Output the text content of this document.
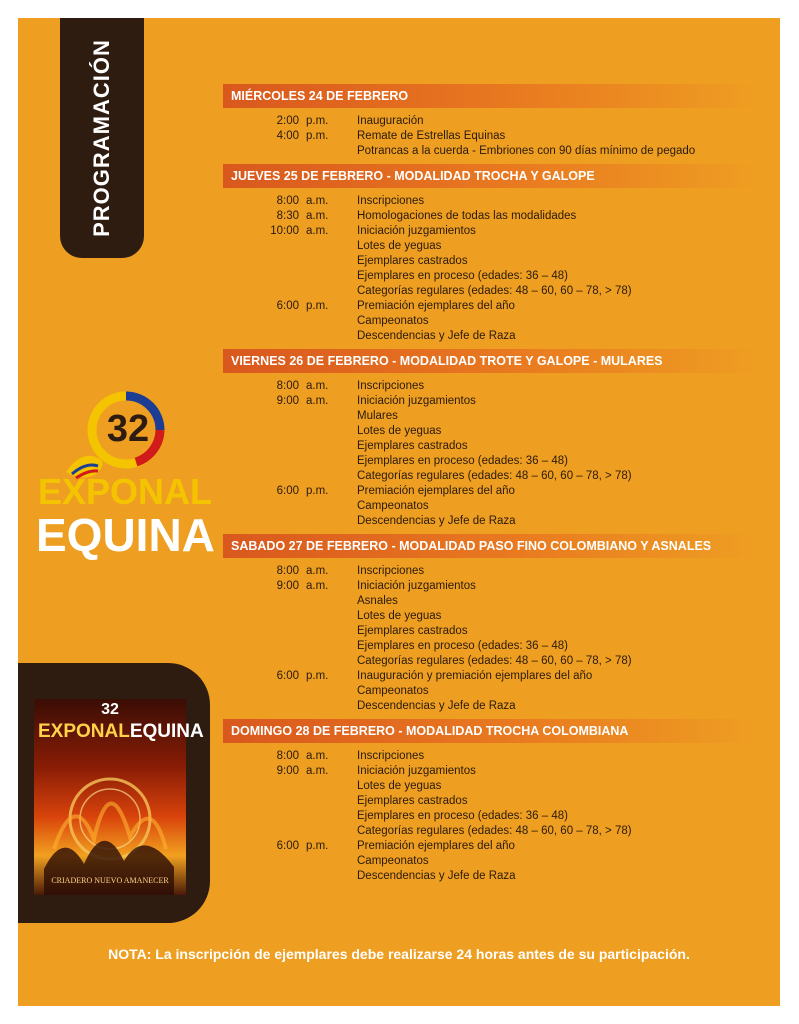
PROGRAMACIÓN
32
EXPONAL
EQUINA
32
EXPONALEQUINA
CRIADERO NUEVO AMANECER
MIÉRCOLES 24 DE FEBRERO
2:00 p.m.	Inauguración
4:00 p.m.	Remate de Estrellas Equinas
Potrancas a la cuerda - Embriones con 90 días mínimo de pegado
JUEVES 25 DE FEBRERO - MODALIDAD TROCHA Y GALOPE
8:00 a.m.	Inscripciones
8:30 a.m.	Homologaciones de todas las modalidades
10:00 a.m.	Iniciación juzgamientos
Lotes de yeguas
Ejemplares castrados
Ejemplares en proceso (edades: 36 – 48)
Categorías regulares (edades: 48 – 60, 60 – 78, > 78)
6:00 p.m.	Premiación ejemplares del año
Campeonatos
Descendencias y Jefe de Raza
VIERNES 26 DE FEBRERO - MODALIDAD TROTE Y GALOPE - MULARES
8:00 a.m.	Inscripciones
9:00 a.m.	Iniciación juzgamientos
Mulares
Lotes de yeguas
Ejemplares castrados
Ejemplares en proceso (edades: 36 – 48)
Categorías regulares (edades: 48 – 60, 60 – 78, > 78)
6:00 p.m.	Premiación ejemplares del año
Campeonatos
Descendencias y Jefe de Raza
SABADO 27 DE FEBRERO - MODALIDAD PASO FINO COLOMBIANO Y ASNALES
8:00 a.m.	Inscripciones
9:00 a.m.	Iniciación juzgamientos
Asnales
Lotes de yeguas
Ejemplares castrados
Ejemplares en proceso (edades: 36 – 48)
Categorías regulares (edades: 48 – 60, 60 – 78, > 78)
6:00 p.m.	Inauguración y premiación ejemplares del año
Campeonatos
Descendencias y Jefe de Raza
DOMINGO 28 DE FEBRERO - MODALIDAD TROCHA COLOMBIANA
8:00 a.m.	Inscripciones
9:00 a.m.	Iniciación juzgamientos
Lotes de yeguas
Ejemplares castrados
Ejemplares en proceso (edades: 36 – 48)
Categorías regulares (edades: 48 – 60, 60 – 78, > 78)
6:00 p.m.	Premiación ejemplares del año
Campeonatos
Descendencias y Jefe de Raza
NOTA: La inscripción de ejemplares debe realizarse 24 horas antes de su participación.
